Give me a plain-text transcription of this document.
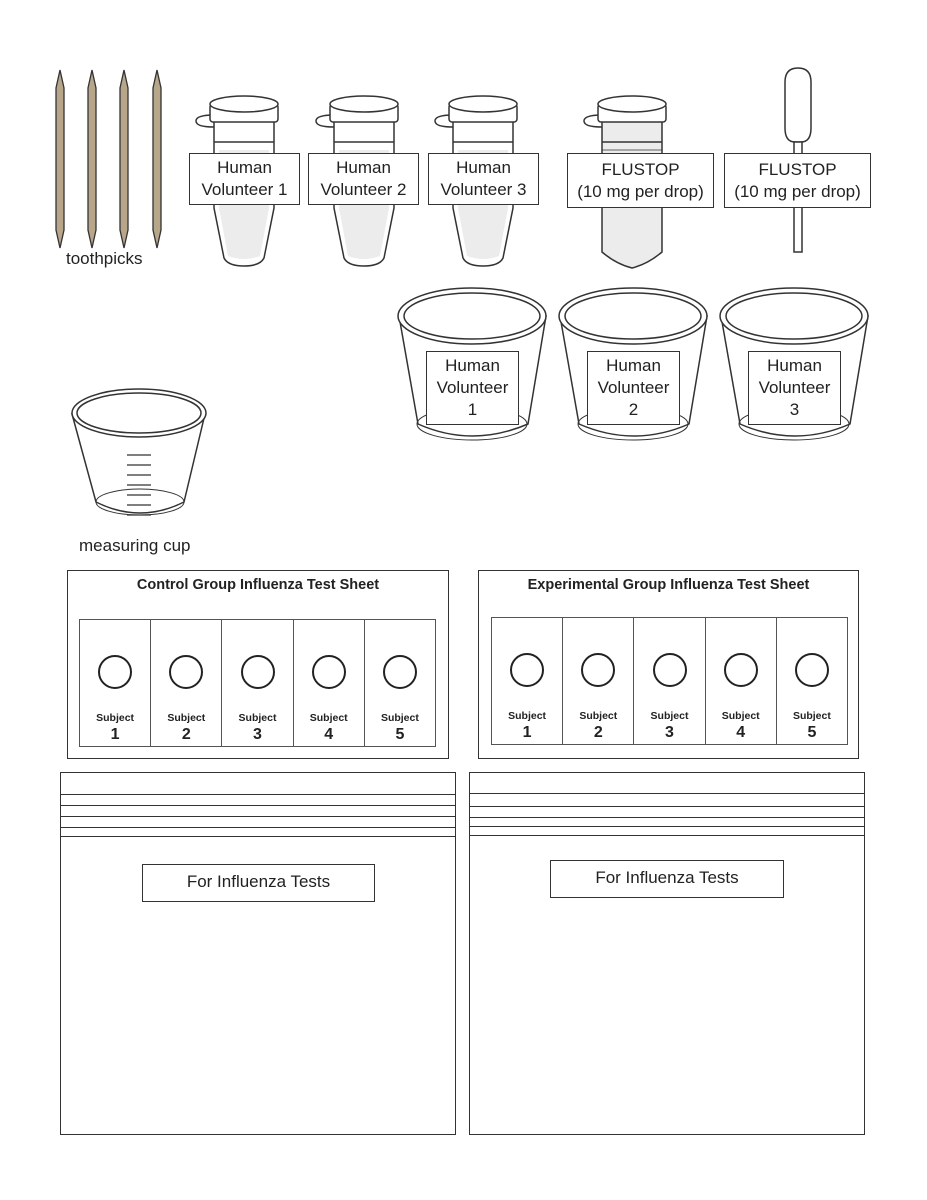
toothpicks
Human
Volunteer 1
Human
Volunteer 2
Human
Volunteer 3
FLUSTOP
(10 mg per drop)
FLUSTOP
(10 mg per drop)
Human
Volunteer
1
Human
Volunteer
2
Human
Volunteer
3
measuring cup
Control Group Influenza Test Sheet
Subject
1
Subject
2
Subject
3
Subject
4
Subject
5
Experimental Group Influenza Test Sheet
Subject
1
Subject
2
Subject
3
Subject
4
Subject
5
For Influenza Tests	For Influenza Tests
